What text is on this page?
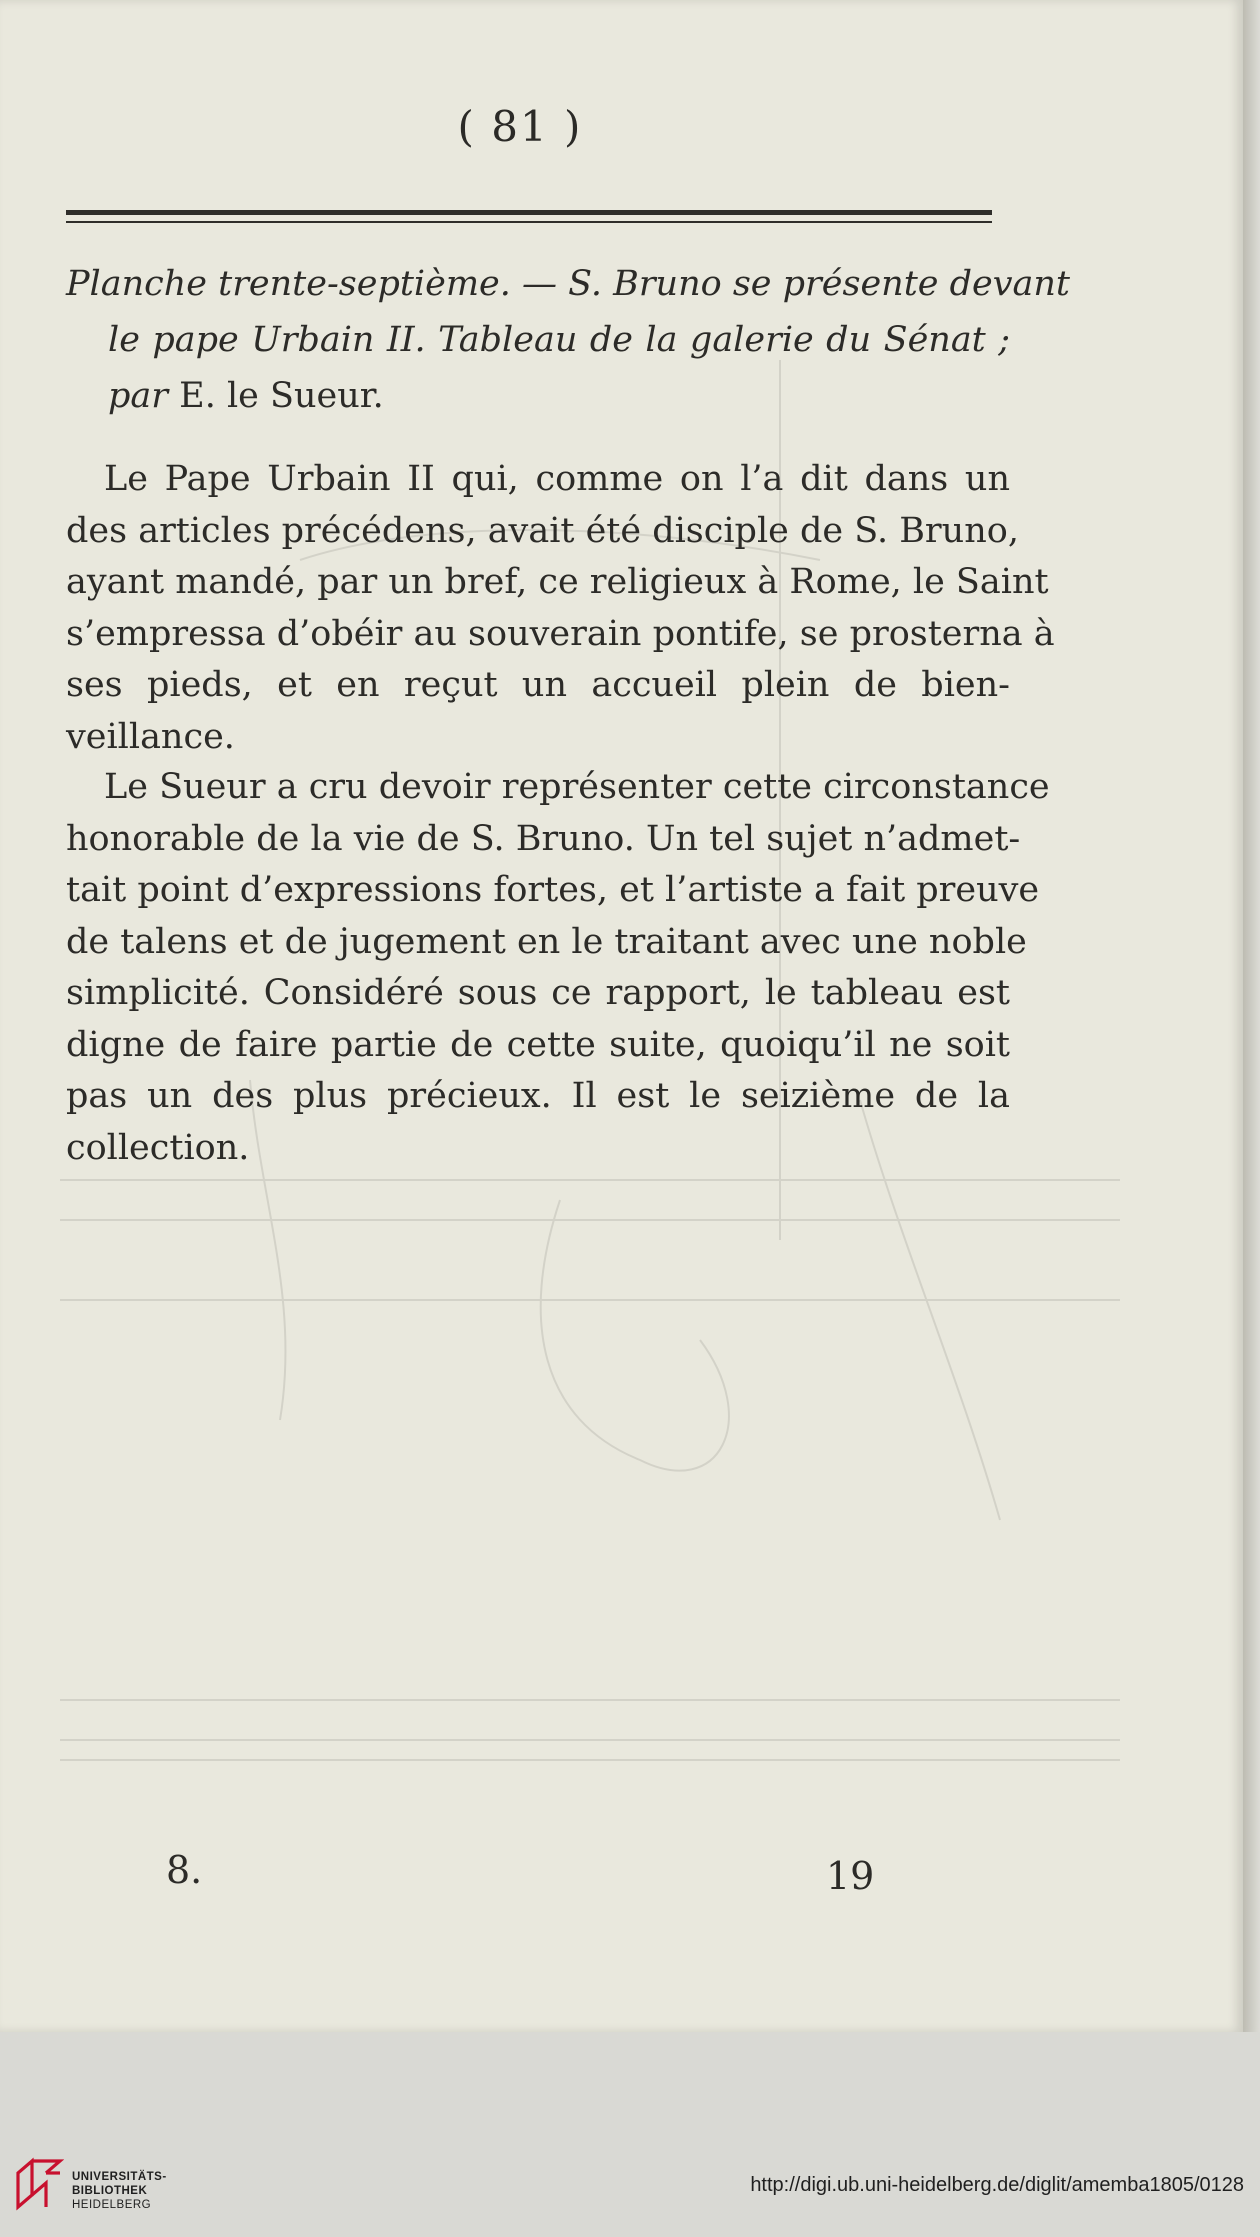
( 81 )
Planche trente-septième. — S. Bruno se présente devant
le pape Urbain II. Tableau de la galerie du Sénat ;
par E. le Sueur.
Le Pape Urbain II qui, comme on l’a dit dans un
des articles précédens, avait été disciple de S. Bruno,
ayant mandé, par un bref, ce religieux à Rome, le Saint
s’empressa d’obéir au souverain pontife, se prosterna à
ses pieds, et en reçut un accueil plein de bien-
veillance.
Le Sueur a cru devoir représenter cette circonstance
honorable de la vie de S. Bruno. Un tel sujet n’admet-
tait point d’expressions fortes, et l’artiste a fait preuve
de talens et de jugement en le traitant avec une noble
simplicité. Considéré sous ce rapport, le tableau est
digne de faire partie de cette suite, quoiqu’il ne soit
pas un des plus précieux. Il est le seizième de la
collection.
8.	19
UNIVERSITÄTS-
BIBLIOTHEK
HEIDELBERG
http://digi.ub.uni-heidelberg.de/diglit/amemba1805/0128
